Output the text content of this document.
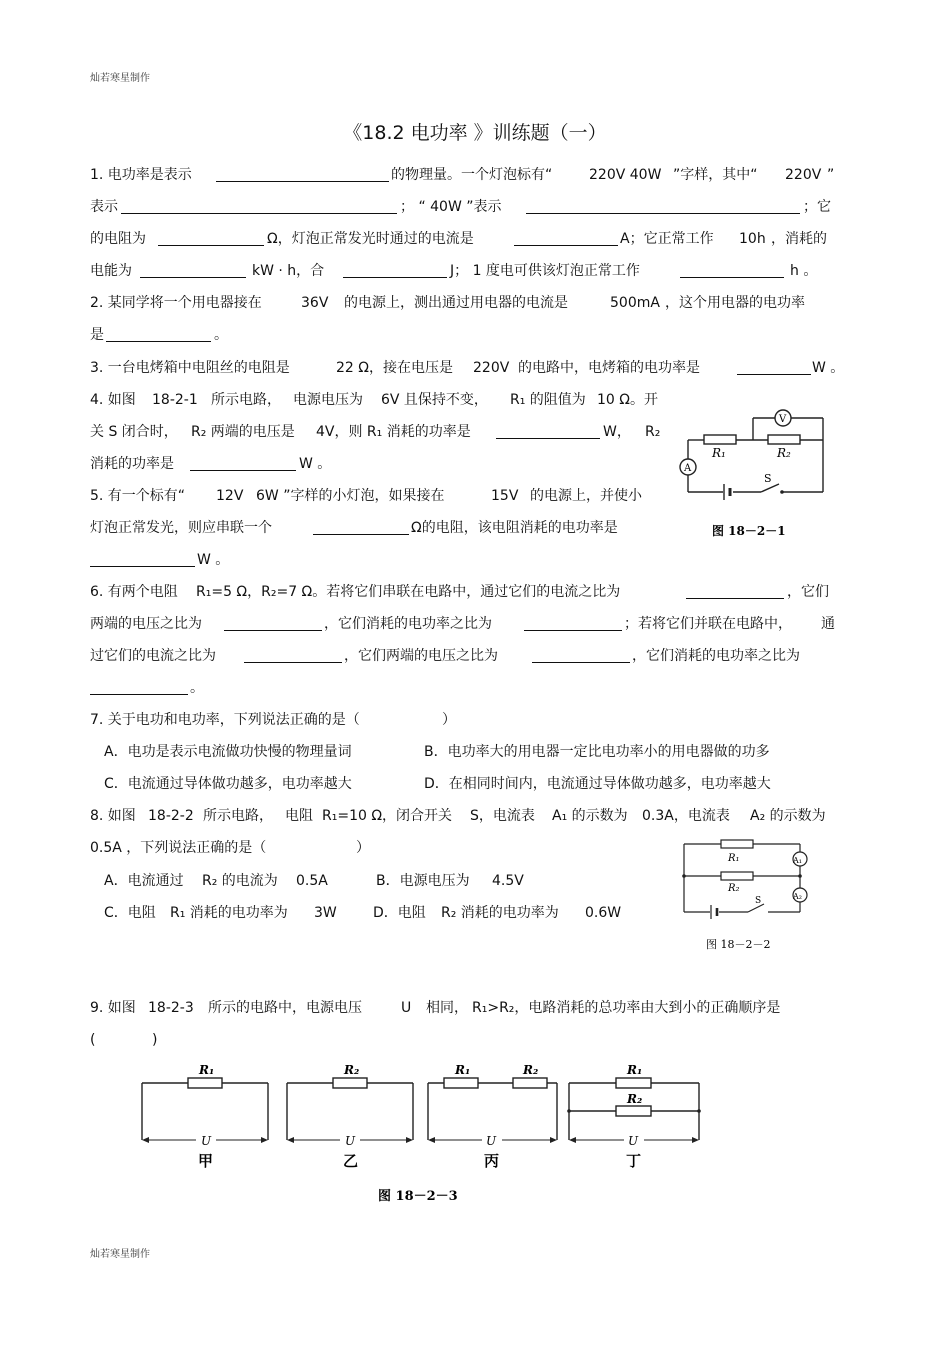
灿若寒星制作
灿若寒星制作
《18.2 电功率 》训练题（一）
1. 电功率是表示	的物理量。一个灯泡标有“	220V 40W ”字样，其中“ 220V ”
表示	； “ 40W ”表示	；它
的电阻为	Ω，灯泡正常发光时通过的电流是	A；它正常工作 10h ，消耗的
电能为	kW · h，合	J； 1 度电可供该灯泡正常工作	h 。
2. 某同学将一个用电器接在	36V 的电源上，测出通过用电器的电流是	500mA ，这个用电器的电功率
是	。
3. 一台电烤箱中电阻丝的电阻是	22 Ω，接在电压是 220V 的电路中，电烤箱的电功率是	W 。
4. 如图 18-2-1 所示电路， 电源电压为 6V 且保持不变， R₁ 的阻值为 10 Ω。开
关 S 闭合时， R₂ 两端的电压是 4V，则 R₁ 消耗的功率是	W， R₂
消耗的功率是	W 。
R₁	R₂
V
A
S
图 18－2－1
5. 有一个标有“ 12V 6W ”字样的小灯泡，如果接在	15V 的电源上，并使小
灯泡正常发光，则应串联一个	Ω的电阻，该电阻消耗的电功率是
W 。
6. 有两个电阻 R₁=5 Ω，R₂=7 Ω。若将它们串联在电路中，通过它们的电流之比为	，它们
两端的电压之比为	，它们消耗的电功率之比为	；若将它们并联在电路中， 通
过它们的电流之比为	，它们两端的电压之比为	，它们消耗的电功率之比为
。
7. 关于电功和电功率，下列说法正确的是（	）
A．电功是表示电流做功快慢的物理量词	B．电功率大的用电器一定比电功率小的用电器做的功多
C．电流通过导体做功越多，电功率越大	D．在相同时间内，电流通过导体做功越多，电功率越大
8. 如图 18-2-2 所示电路， 电阻 R₁=10 Ω，闭合开关 S，电流表 A₁ 的示数为 0.3A，电流表 A₂ 的示数为
0.5A ，下列说法正确的是（	）
A．电流通过 R₂ 的电流为 0.5A	B．电源电压为 4.5V
C．电阻 R₁ 消耗的电功率为 3W	D．电阻 R₂ 消耗的电功率为 0.6W
R₁
R₂
A₁
A₂
S
图 18－2－2
9. 如图 18-2-3 所示的电路中，电源电压	U 相同， R₁>R₂，电路消耗的总功率由大到小的正确顺序是
(	)
R₁	R₂	R₁	R₂	R₁
R₂
U	U	U	U
甲	乙	丙	丁
图 18－2－3
